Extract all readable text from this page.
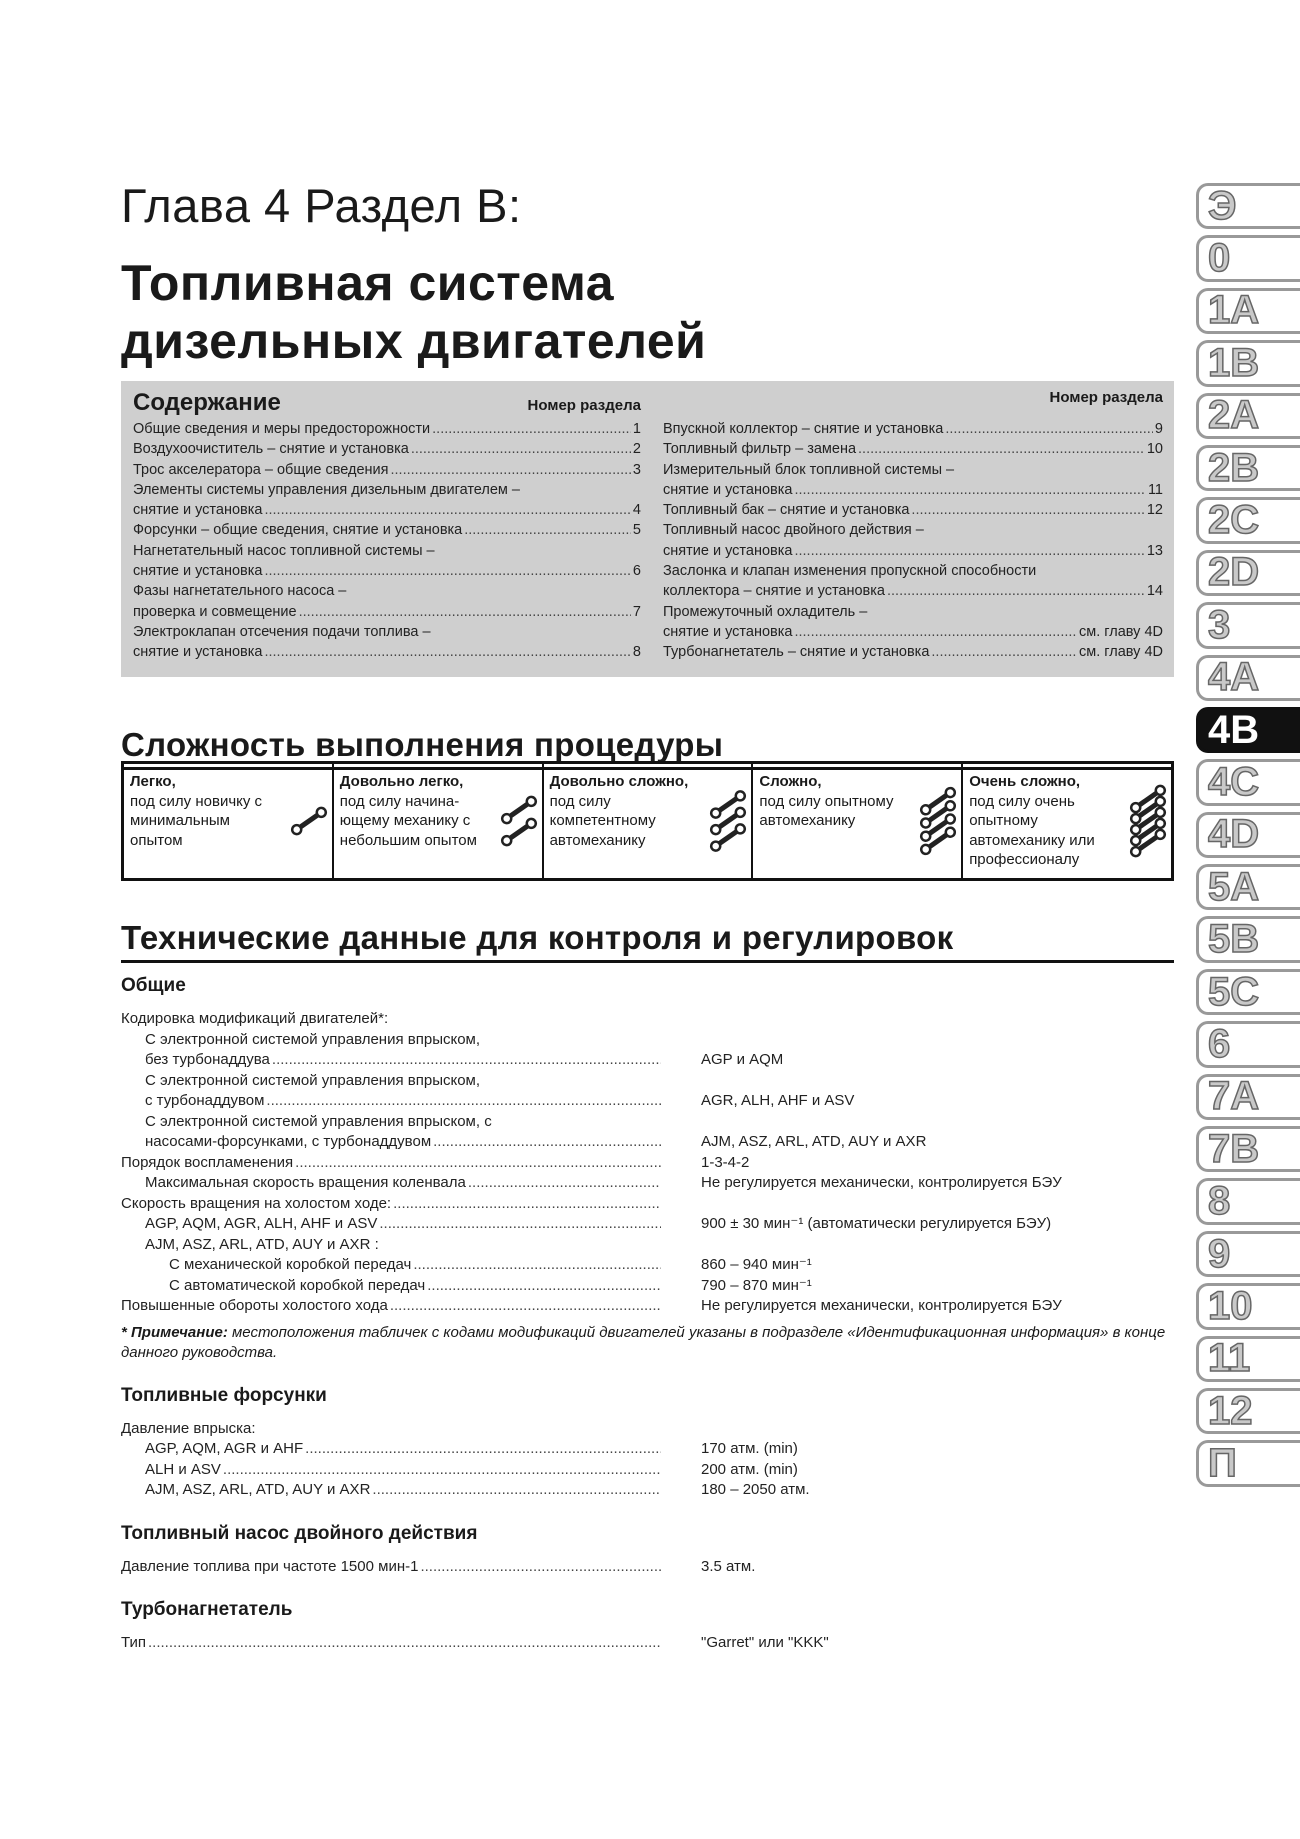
Глава 4 Раздел В:
Топливная система
дизельных двигателей
Содержание	Номер раздела
Общие сведения и меры предосторожности .....	1
Воздухоочиститель – снятие и установка .....	2
Трос акселератора – общие сведения .....	3
Элементы системы управления дизельным двигателем –
снятие и установка .....	4
Форсунки – общие сведения, снятие и установка .....	5
Нагнетательный насос топливной системы –
снятие и установка .....	6
Фазы нагнетательного насоса –
проверка и совмещение .....	7
Электроклапан отсечения подачи топлива –
снятие и установка .....	8
Номер раздела
Впускной коллектор – снятие и установка .....	9
Топливный фильтр – замена .....	10
Измерительный блок топливной системы –
снятие и установка .....	11
Топливный бак – снятие и установка .....	12
Топливный насос двойного действия –
снятие и установка .....	13
Заслонка и клапан изменения пропускной способности
коллектора – снятие и установка .....	14
Промежуточный охладитель –
снятие и установка .....	см. главу 4D
Турбонагнетатель – снятие и установка .....	см. главу 4D
Сложность выполнения процедуры
Легко,
под силу новичку с минимальным опытом
Довольно легко,
под силу начина-ющему механику с небольшим опытом
Довольно сложно,
под силу компетентному автомеханику
Сложно,
под силу опытному автомеханику
Очень сложно,
под силу очень опытному автомеханику или профессионалу
Технические данные для контроля и регулировок
Общие
Кодировка модификаций двигателей*:
С электронной системой управления впрыском,
без турбонаддува .....	AGP и AQM
С электронной системой управления впрыском,
с турбонаддувом .....	AGR, ALH, AHF и ASV
С электронной системой управления впрыском, с
насосами-форсунками, с турбонаддувом .....	AJM, ASZ, ARL, ATD, AUY и AXR
Порядок воспламенения .....	1-3-4-2
Максимальная скорость вращения коленвала .....	Не регулируется механически, контролируется БЭУ
Скорость вращения на холостом ходе:
.....
AGP, AQM, AGR, ALH, AHF и ASV .....	900 ± 30 мин⁻¹ (автоматически регулируется БЭУ)
AJM, ASZ, ARL, ATD, AUY и AXR :
С механической коробкой передач .....	860 – 940 мин⁻¹
С автоматической коробкой передач .....	790 – 870 мин⁻¹
Повышенные обороты холостого хода .....	Не регулируется механически, контролируется БЭУ
* Примечание: местоположения табличек с кодами модификаций двигателей указаны в подразделе «Идентификационная информация» в конце данного руководства.
Топливные форсунки
Давление впрыска:
AGP, AQM, AGR и AHF .....	170 атм. (min)
ALH и ASV .....	200 атм. (min)
AJM, ASZ, ARL, ATD, AUY и AXR .....	180 – 2050 атм.
Топливный насос двойного действия
Давление топлива при частоте 1500 мин-1 .....	3.5 атм.
Турбонагнетатель
Тип .....	"Garret" или "KKK"
Э
0
1A
1B
2A
2B
2C
2D
3
4A
4B
4C
4D
5A
5B
5C
6
7A
7B
8
9
10
11
12
П
